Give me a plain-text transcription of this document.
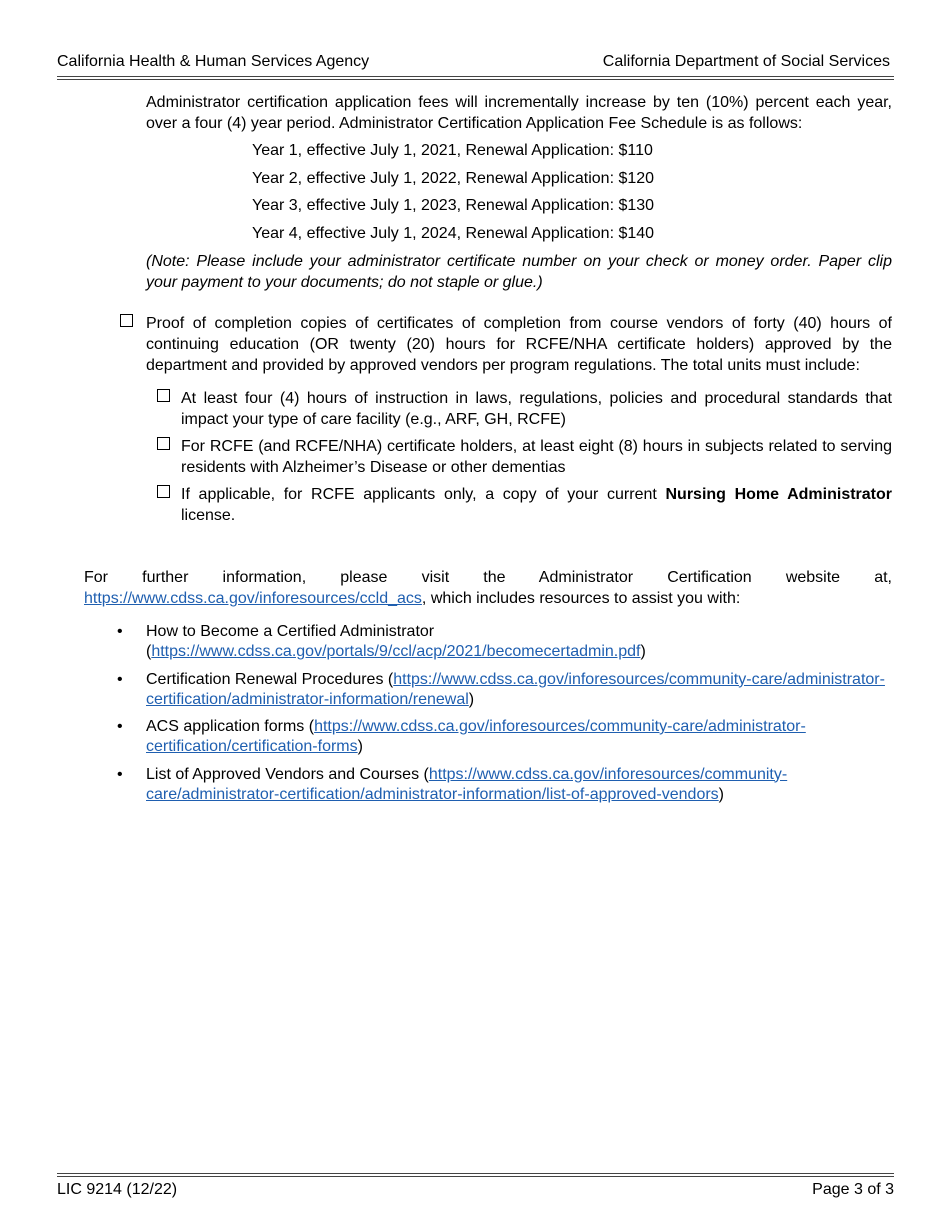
California Health & Human Services Agency	California Department of Social Services
Administrator certification application fees will incrementally increase by ten (10%) percent each year, over a four (4) year period. Administrator Certification Application Fee Schedule is as follows:
Year 1, effective July 1, 2021, Renewal Application: $110
Year 2, effective July 1, 2022, Renewal Application: $120
Year 3, effective July 1, 2023, Renewal Application: $130
Year 4, effective July 1, 2024, Renewal Application: $140
(Note: Please include your administrator certificate number on your check or money order. Paper clip your payment to your documents; do not staple or glue.)
Proof of completion copies of certificates of completion from course vendors of forty (40) hours of continuing education (OR twenty (20) hours for RCFE/NHA certificate holders) approved by the department and provided by approved vendors per program regulations. The total units must include:
At least four (4) hours of instruction in laws, regulations, policies and procedural standards that impact your type of care facility (e.g., ARF, GH, RCFE)
For RCFE (and RCFE/NHA) certificate holders, at least eight (8) hours in subjects related to serving residents with Alzheimer’s Disease or other dementias
If applicable, for RCFE applicants only, a copy of your current Nursing Home Administrator license.
For further information, please visit the Administrator Certification website at, https://www.cdss.ca.gov/inforesources/ccld_acs, which includes resources to assist you with:
• How to Become a Certified Administrator (https://www.cdss.ca.gov/portals/9/ccl/acp/2021/becomecertadmin.pdf)
• Certification Renewal Procedures (https://www.cdss.ca.gov/inforesources/community-care/administrator-certification/administrator-information/renewal)
• ACS application forms (https://www.cdss.ca.gov/inforesources/community-care/administrator-certification/certification-forms)
• List of Approved Vendors and Courses (https://www.cdss.ca.gov/inforesources/community-care/administrator-certification/administrator-information/list-of-approved-vendors)
LIC 9214 (12/22)	Page 3 of 3
